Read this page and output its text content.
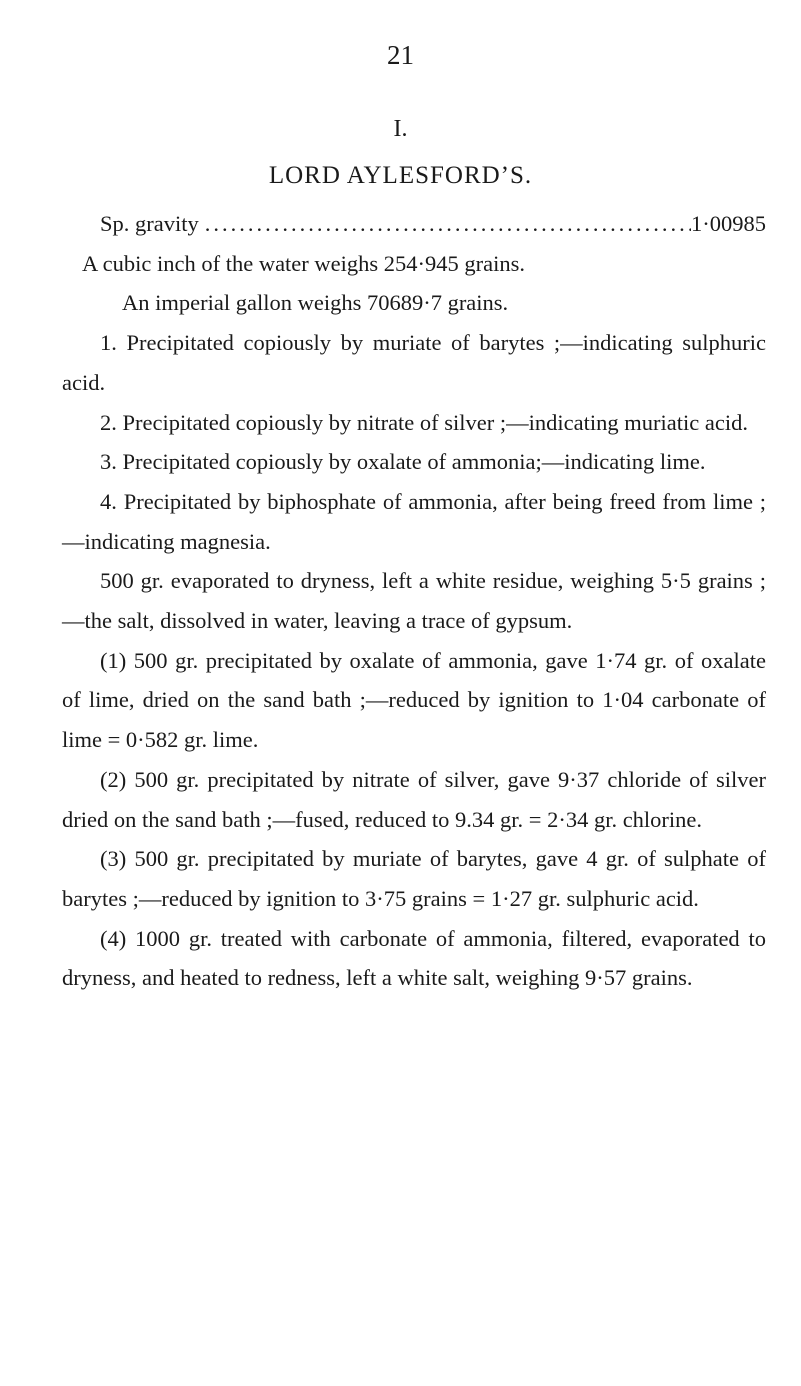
21
I.
LORD AYLESFORD’S.

Sp. gravity .....	1·00985

A cubic inch of the water weighs 254·945 grains.

An imperial gallon weighs 70689·7 grains.

1. Precipitated copiously by muriate of barytes ;—indicating sulphuric acid.

2. Precipitated copiously by nitrate of silver ;—indicating muriatic acid.

3. Precipitated copiously by oxalate of ammonia;—indicating lime.

4. Precipitated by biphosphate of ammonia, after being freed from lime ;—indicating magnesia.

500 gr. evaporated to dryness, left a white residue, weighing 5·5 grains ;—the salt, dissolved in water, leaving a trace of gypsum.

(1) 500 gr. precipitated by oxalate of ammonia, gave 1·74 gr. of oxalate of lime, dried on the sand bath ;—reduced by ignition to 1·04 carbonate of lime = 0·582 gr. lime.

(2) 500 gr. precipitated by nitrate of silver, gave 9·37 chloride of silver dried on the sand bath ;—fused, reduced to 9.34 gr. = 2·34 gr. chlorine.

(3) 500 gr. precipitated by muriate of barytes, gave 4 gr. of sulphate of barytes ;—reduced by ignition to 3·75 grains = 1·27 gr. sulphuric acid.

(4) 1000 gr. treated with carbonate of ammonia, filtered, evaporated to dryness, and heated to redness, left a white salt, weighing 9·57 grains.
